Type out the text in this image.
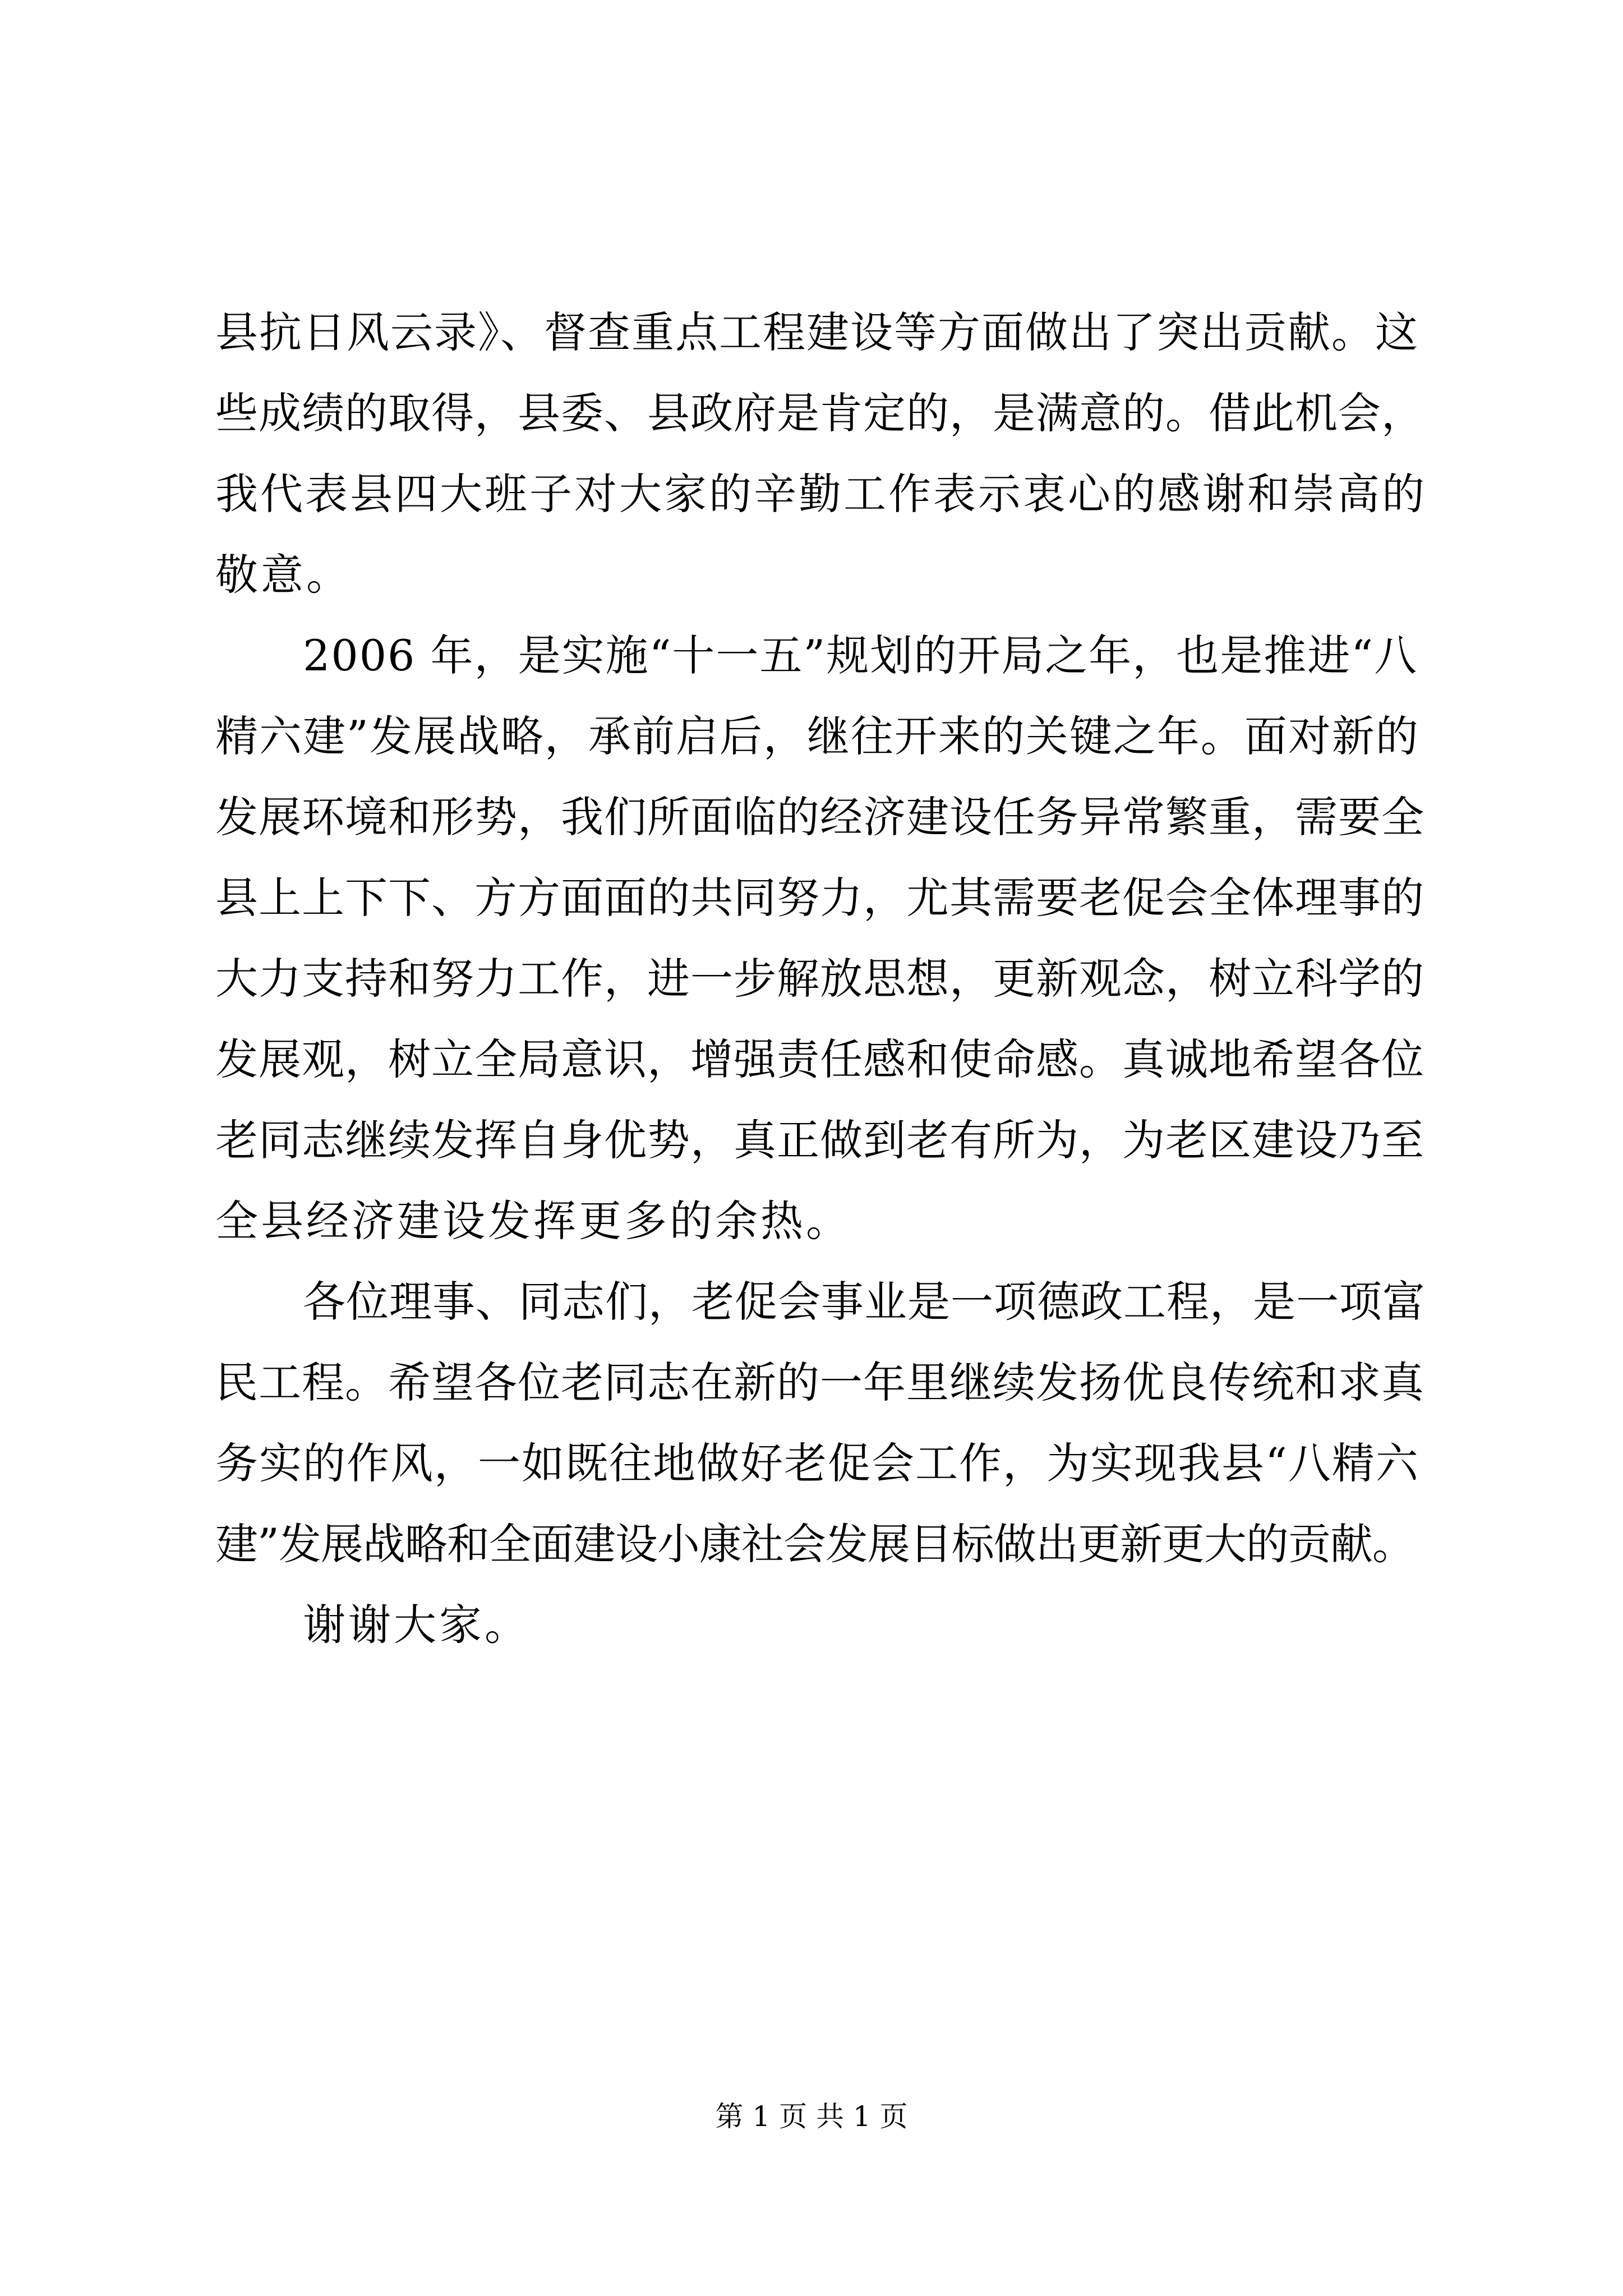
县抗日风云录》、督查重点工程建设等方面做出了突出贡献。这
些成绩的取得，县委、县政府是肯定的，是满意的。借此机会，
我代表县四大班子对大家的辛勤工作表示衷心的感谢和崇高的
敬意。
2006 年，是实施“十一五”规划的开局之年，也是推进“八
精六建”发展战略，承前启后，继往开来的关键之年。面对新的
发展环境和形势，我们所面临的经济建设任务异常繁重，需要全
县上上下下、方方面面的共同努力，尤其需要老促会全体理事的
大力支持和努力工作，进一步解放思想，更新观念，树立科学的
发展观，树立全局意识，增强责任感和使命感。真诚地希望各位
老同志继续发挥自身优势，真正做到老有所为，为老区建设乃至
全县经济建设发挥更多的余热。
各位理事、同志们，老促会事业是一项德政工程，是一项富
民工程。希望各位老同志在新的一年里继续发扬优良传统和求真
务实的作风，一如既往地做好老促会工作，为实现我县“八精六
建”发展战略和全面建设小康社会发展目标做出更新更大的贡献。
谢谢大家。
第 1 页 共 1 页
